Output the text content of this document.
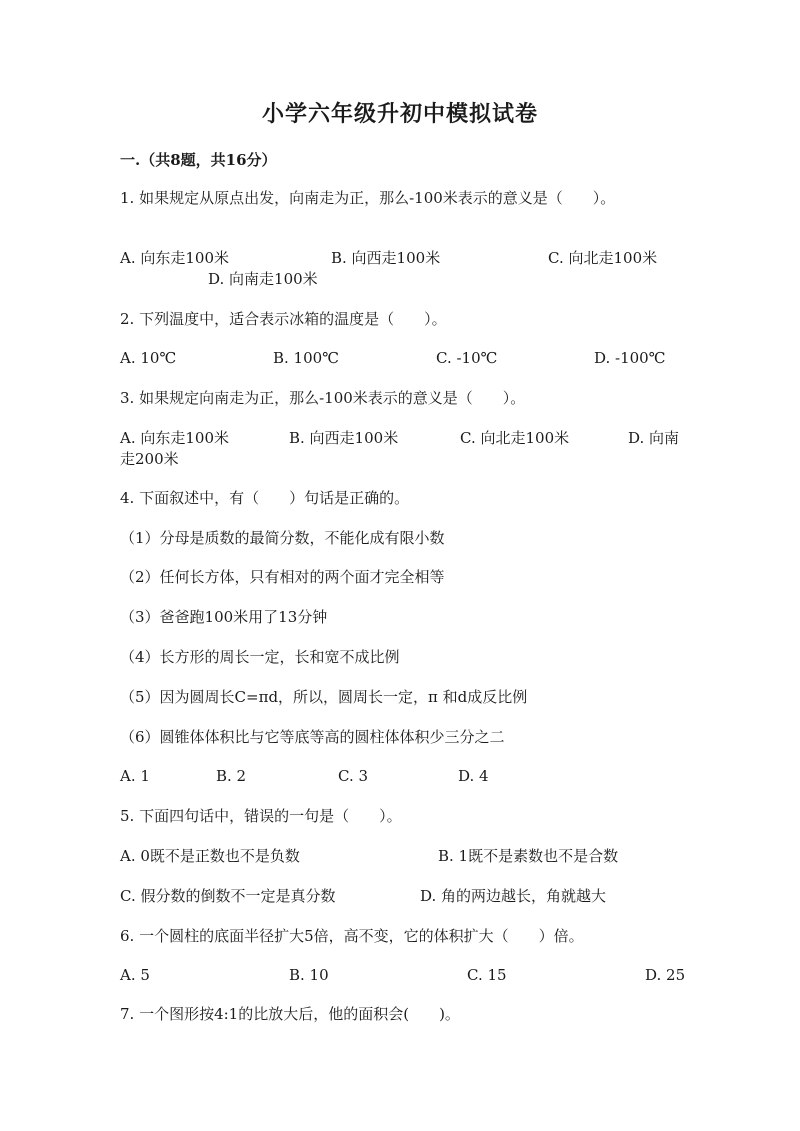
小学六年级升初中模拟试卷
一.（共8题，共16分）
1. 如果规定从原点出发，向南走为正，那么-100米表示的意义是（　　）。
A. 向东走100米	B. 向西走100米	C. 向北走100米
D. 向南走100米
2. 下列温度中，适合表示冰箱的温度是（　　）。
A. 10℃	B. 100℃	C. -10℃	D. -100℃
3. 如果规定向南走为正，那么-100米表示的意义是（　　）。
A. 向东走100米	B. 向西走100米	C. 向北走100米	D. 向南
走200米
4. 下面叙述中，有（　　）句话是正确的。
（1）分母是质数的最简分数，不能化成有限小数
（2）任何长方体，只有相对的两个面才完全相等
（3）爸爸跑100米用了13分钟
（4）长方形的周长一定，长和宽不成比例
（5）因为圆周长C=πd，所以，圆周长一定，π 和d成反比例
（6）圆锥体体积比与它等底等高的圆柱体体积少三分之二
A. 1	B. 2	C. 3	D. 4
5. 下面四句话中，错误的一句是（　　）。
A. 0既不是正数也不是负数	B. 1既不是素数也不是合数
C. 假分数的倒数不一定是真分数	D. 角的两边越长，角就越大
6. 一个圆柱的底面半径扩大5倍，高不变，它的体积扩大（　　）倍。
A. 5	B. 10	C. 15	D. 25
7. 一个图形按4:1的比放大后，他的面积会(　　)。
